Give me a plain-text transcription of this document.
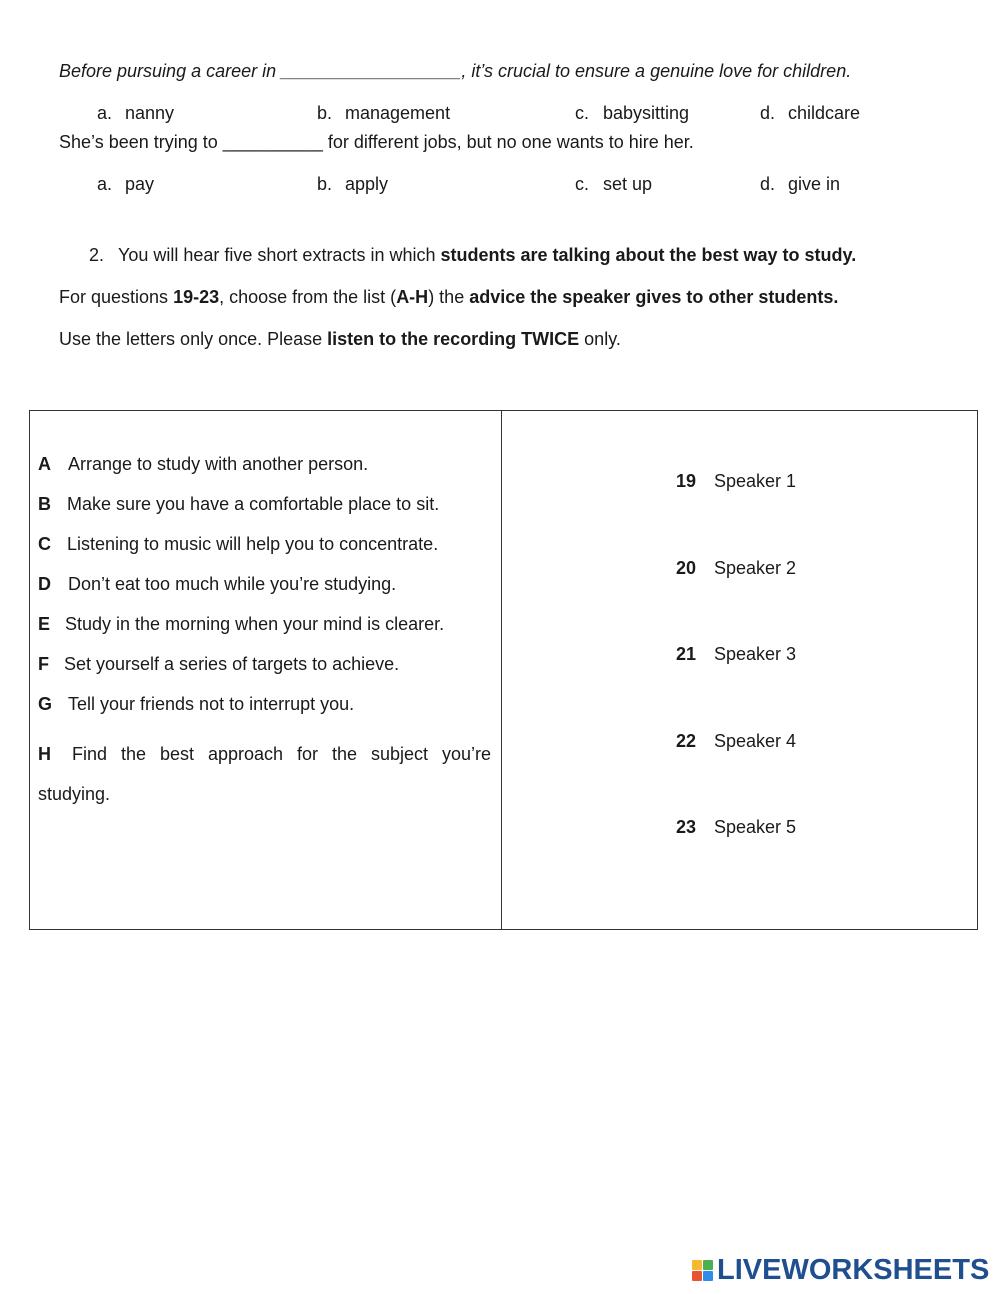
Before pursuing a career in __________________, it’s crucial to ensure a genuine love for children.
a. nanny	b. management	c. babysitting	d. childcare
She’s been trying to __________ for different jobs, but no one wants to hire her.
a. pay	b. apply	c. set up	d. give in
2. You will hear five short extracts in which students are talking about the best way to study.
For questions 19-23, choose from the list (A-H) the advice the speaker gives to other students.
Use the letters only once. Please listen to the recording TWICE only.
A Arrange to study with another person.
B Make sure you have a comfortable place to sit.
C Listening to music will help you to concentrate.
D Don’t eat too much while you’re studying.
E Study in the morning when your mind is clearer.
F Set yourself a series of targets to achieve.
G Tell your friends not to interrupt you.
H Find the best approach for the subject you’re studying.
19 Speaker 1
20 Speaker 2
21 Speaker 3
22 Speaker 4
23 Speaker 5
LIVEWORKSHEETS
